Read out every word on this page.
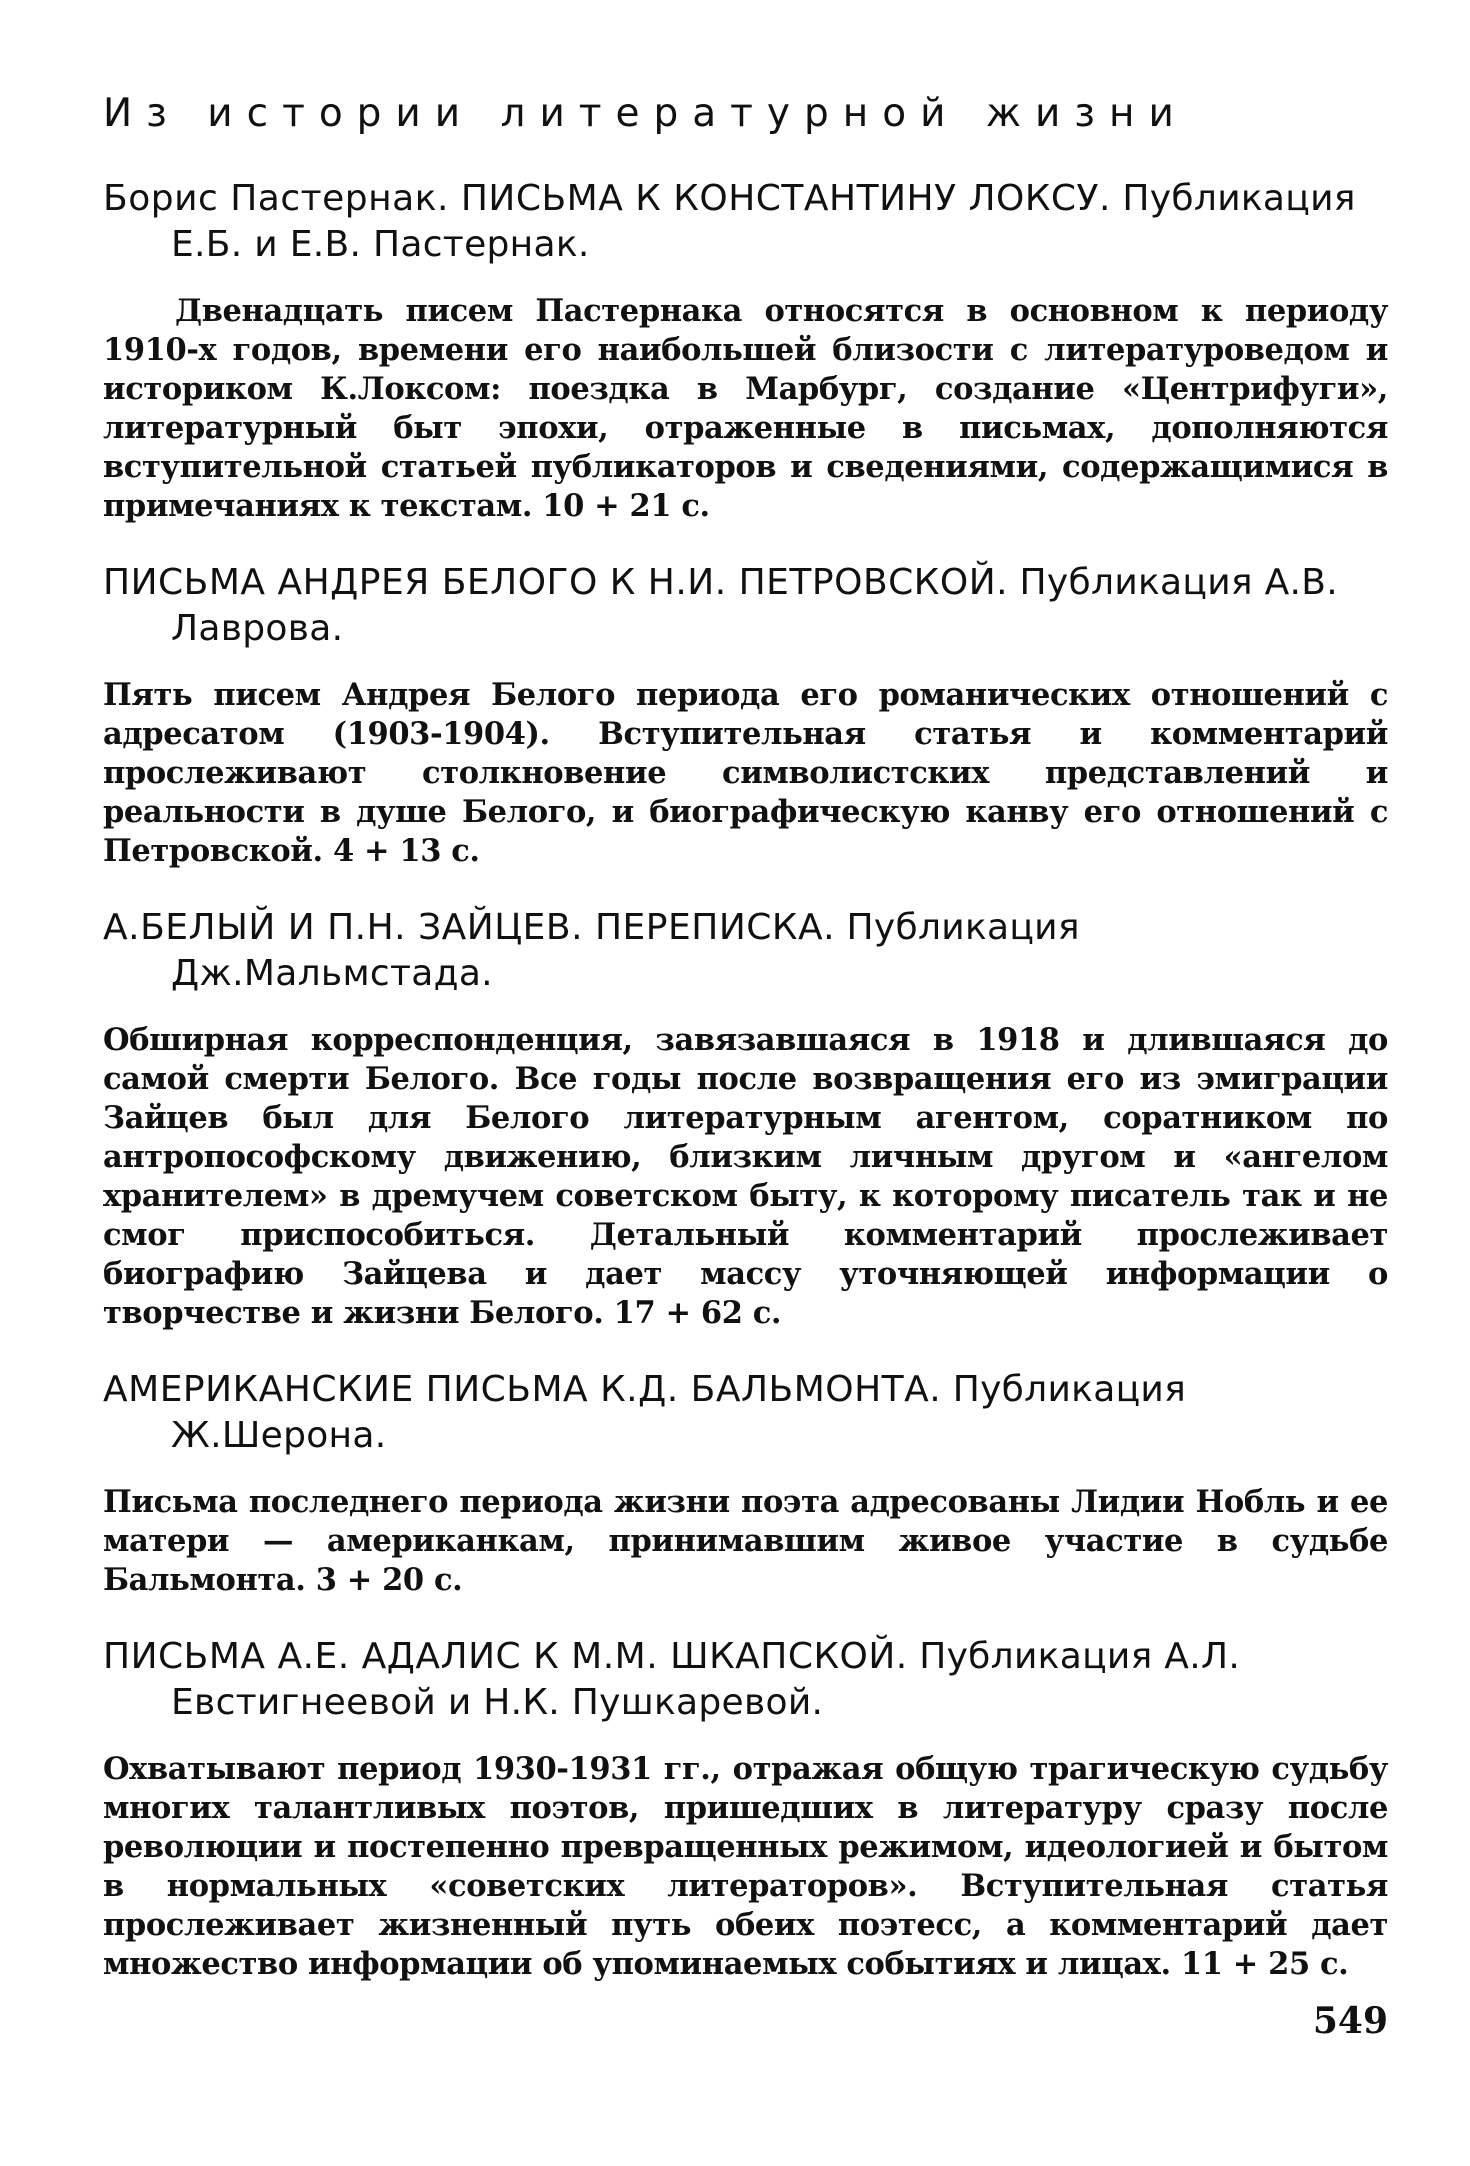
Из истории литературной жизни

Борис Пастернак. ПИСЬМА К КОНСТАНТИНУ ЛОКСУ. Публикация Е.Б. и Е.В. Пастернак.

Двенадцать писем Пастернака относятся в основном к периоду 1910-х годов, времени его наибольшей близости с литературоведом и историком К.Локсом: поездка в Марбург, создание «Центрифуги», литературный быт эпохи, отраженные в письмах, дополняются вступительной статьей публикаторов и сведениями, содержащимися в примечаниях к текстам. 10 + 21 с.

ПИСЬМА АНДРЕЯ БЕЛОГО К Н.И. ПЕТРОВСКОЙ. Публикация А.В. Лаврова.

Пять писем Андрея Белого периода его романических отношений с адресатом (1903-1904). Вступительная статья и комментарий прослеживают столкновение символистских представлений и реальности в душе Белого, и биографическую канву его отношений с Петровской. 4 + 13 с.

А.БЕЛЫЙ И П.Н. ЗАЙЦЕВ. ПЕРЕПИСКА. Публикация Дж.Мальмстада.

Обширная корреспонденция, завязавшаяся в 1918 и длившаяся до самой смерти Белого. Все годы после возвращения его из эмиграции Зайцев был для Белого литературным агентом, соратником по антропософскому движению, близким личным другом и «ангелом хранителем» в дремучем советском быту, к которому писатель так и не смог приспособиться. Детальный комментарий прослеживает биографию Зайцева и дает массу уточняющей информации о творчестве и жизни Белого. 17 + 62 с.

АМЕРИКАНСКИЕ ПИСЬМА К.Д. БАЛЬМОНТА. Публикация Ж.Шерона.

Письма последнего периода жизни поэта адресованы Лидии Нобль и ее матери — американкам, принимавшим живое участие в судьбе Бальмонта. 3 + 20 с.

ПИСЬМА А.Е. АДАЛИС К М.М. ШКАПСКОЙ. Публикация А.Л. Евстигнеевой и Н.К. Пушкаревой.

Охватывают период 1930-1931 гг., отражая общую трагическую судьбу многих талантливых поэтов, пришедших в литературу сразу после революции и постепенно превращенных режимом, идеологией и бытом в нормальных «советских литераторов». Вступительная статья прослеживает жизненный путь обеих поэтесс, а комментарий дает множество информации об упоминаемых событиях и лицах. 11 + 25 с.

549
